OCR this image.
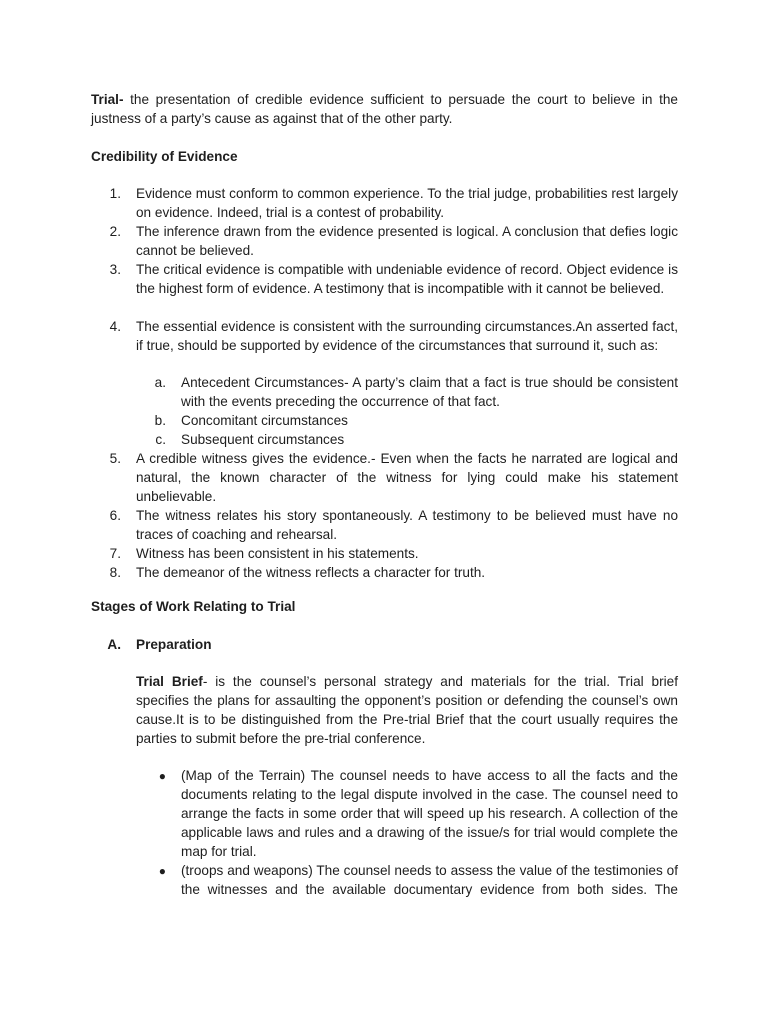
Trial- the presentation of credible evidence sufficient to persuade the court to believe in the justness of a party’s cause as against that of the other party.

Credibility of Evidence
1. Evidence must conform to common experience. To the trial judge, probabilities rest largely on evidence. Indeed, trial is a contest of probability.

2. The inference drawn from the evidence presented is logical. A conclusion that defies logic cannot be believed.

3. The critical evidence is compatible with undeniable evidence of record. Object evidence is the highest form of evidence. A testimony that is incompatible with it cannot be believed.

4. The essential evidence is consistent with the surrounding circumstances.An asserted fact, if true, should be supported by evidence of the circumstances that surround it, such as:

a. Antecedent Circumstances- A party’s claim that a fact is true should be consistent with the events preceding the occurrence of that fact.

b. Concomitant circumstances

c. Subsequent circumstances

5. A credible witness gives the evidence.- Even when the facts he narrated are logical and natural, the known character of the witness for lying could make his statement unbelievable.

6. The witness relates his story spontaneously. A testimony to be believed must have no traces of coaching and rehearsal.

7. Witness has been consistent in his statements.

8. The demeanor of the witness reflects a character for truth.

Stages of Work Relating to Trial
A. Preparation

Trial Brief- is the counsel’s personal strategy and materials for the trial. Trial brief specifies the plans for assaulting the opponent’s position or defending the counsel’s own cause.It is to be distinguished from the Pre-trial Brief that the court usually requires the parties to submit before the pre-trial conference.

● (Map of the Terrain) The counsel needs to have access to all the facts and the documents relating to the legal dispute involved in the case. The counsel need to arrange the facts in some order that will speed up his research. A collection of the applicable laws and rules and a drawing of the issue/s for trial would complete the map for trial.

● (troops and weapons) The counsel needs to assess the value of the testimonies of the witnesses and the available documentary evidence from both sides. The
